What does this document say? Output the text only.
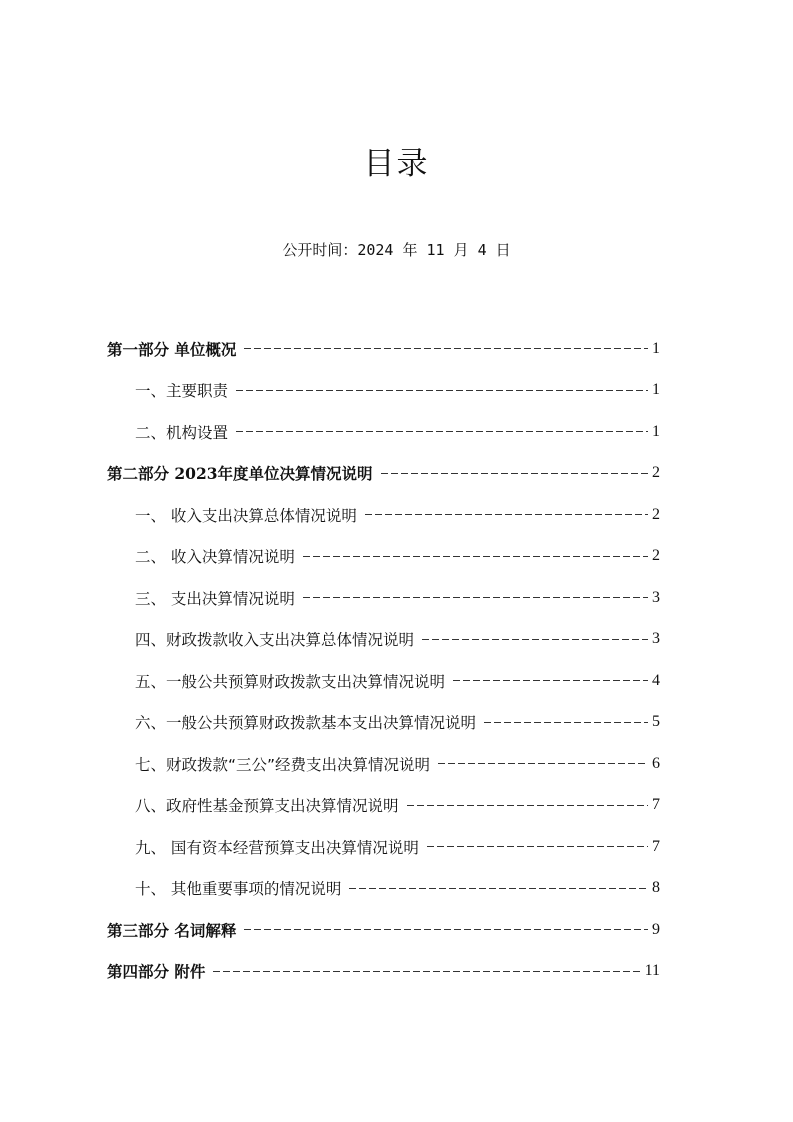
目录
公开时间：2024 年 11 月 4 日
第一部分 单位概况	1
一、主要职责	1
二、机构设置	1
第二部分 2023年度单位决算情况说明	2
一、 收入支出决算总体情况说明	2
二、 收入决算情况说明	2
三、 支出决算情况说明	3
四、财政拨款收入支出决算总体情况说明	3
五、一般公共预算财政拨款支出决算情况说明	4
六、一般公共预算财政拨款基本支出决算情况说明	5
七、财政拨款“三公”经费支出决算情况说明	6
八、政府性基金预算支出决算情况说明	7
九、 国有资本经营预算支出决算情况说明	7
十、 其他重要事项的情况说明	8
第三部分 名词解释	9
第四部分 附件	11
